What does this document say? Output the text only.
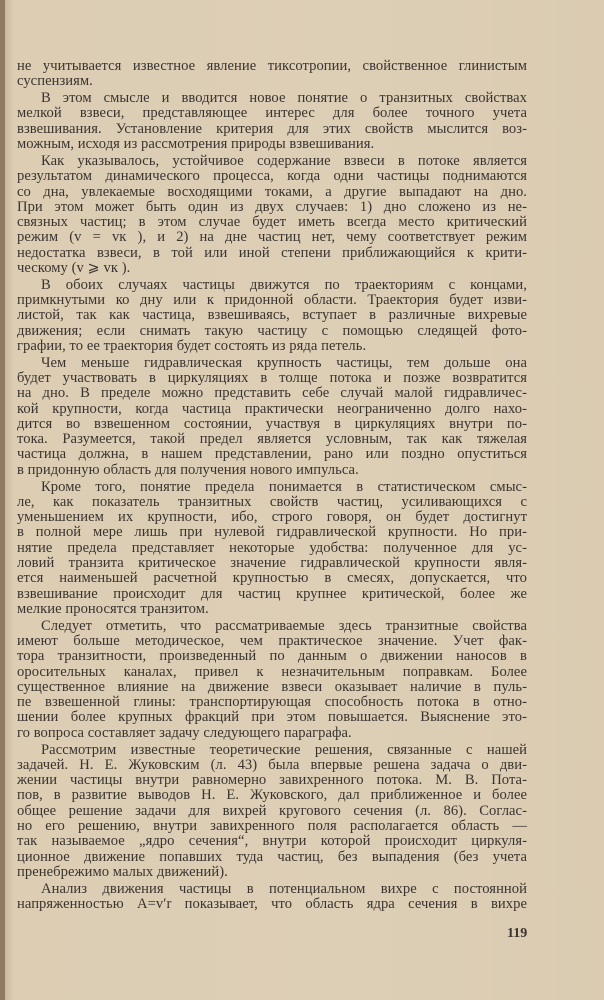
не учитывается известное явление тиксотропии, свойственное глинистым
суспензиям.
В этом смысле и вводится новое понятие о транзитных свойствах
мелкой взвеси, представляющее интерес для более точного учета
взвешивания. Установление критерия для этих свойств мыслится воз-
можным, исходя из рассмотрения природы взвешивания.
Как указывалось, устойчивое содержание взвеси в потоке является
результатом динамического процесса, когда одни частицы поднимаются
со дна, увлекаемые восходящими токами, а другие выпадают на дно.
При этом может быть один из двух случаев: 1) дно сложено из не-
связных частиц; в этом случае будет иметь всегда место критический
режим (v = vк ), и 2) на дне частиц нет, чему соответствует режим
недостатка взвеси, в той или иной степени приближающийся к крити-
ческому (v ⩾ vк ).
В обоих случаях частицы движутся по траекториям с концами,
примкнутыми ко дну или к придонной области. Траектория будет изви-
листой, так как частица, взвешиваясь, вступает в различные вихревые
движения; если снимать такую частицу с помощью следящей фото-
графии, то ее траектория будет состоять из ряда петель.
Чем меньше гидравлическая крупность частицы, тем дольше она
будет участвовать в циркуляциях в толще потока и позже возвратится
на дно. В пределе можно представить себе случай малой гидравличес-
кой крупности, когда частица практически неограниченно долго нахо-
дится во взвешенном состоянии, участвуя в циркуляциях внутри по-
тока. Разумеется, такой предел является условным, так как тяжелая
частица должна, в нашем представлении, рано или поздно опуститься
в придонную область для получения нового импульса.
Кроме того, понятие предела понимается в статистическом смыс-
ле, как показатель транзитных свойств частиц, усиливающихся с
уменьшением их крупности, ибо, строго говоря, он будет достигнут
в полной мере лишь при нулевой гидравлической крупности. Но при-
нятие предела представляет некоторые удобства: полученное для ус-
ловий транзита критическое значение гидравлической крупности явля-
ется наименьшей расчетной крупностью в смесях, допускается, что
взвешивание происходит для частиц крупнее критической, более же
мелкие проносятся транзитом.
Следует отметить, что рассматриваемые здесь транзитные свойства
имеют больше методическое, чем практическое значение. Учет фак-
тора транзитности, произведенный по данным о движении наносов в
оросительных каналах, привел к незначительным поправкам. Более
существенное влияние на движение взвеси оказывает наличие в пуль-
пе взвешенной глины: транспортирующая способность потока в отно-
шении более крупных фракций при этом повышается. Выяснение это-
го вопроса составляет задачу следующего параграфа.
Рассмотрим известные теоретические решения, связанные с нашей
задачей. Н. Е. Жуковским (л. 43) была впервые решена задача о дви-
жении частицы внутри равномерно завихренного потока. М. В. Пота-
пов, в развитие выводов Н. Е. Жуковского, дал приближенное и более
общее решение задачи для вихрей кругового сечения (л. 86). Соглас-
но его решению, внутри завихренного поля располагается область —
так называемое „ядро сечения“, внутри которой происходит циркуля-
ционное движение попавших туда частиц, без выпадения (без учета
пренебрежимо малых движений).
Анализ движения частицы в потенциальном вихре с постоянной
напряженностью A=v′r показывает, что область ядра сечения в вихре
119
